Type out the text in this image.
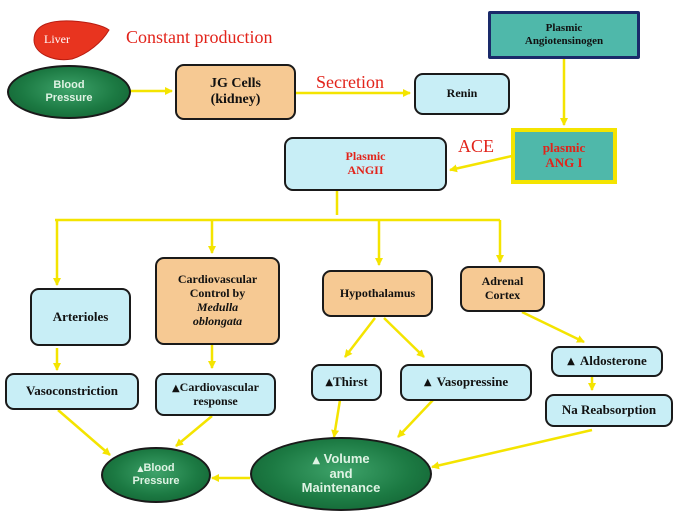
Liver	Constant production
Blood
Pressure
JG Cells
(kidney)
Secretion
Renin
Plasmic
Angiotensinogen
plasmic
ANG I
ACE
Plasmic
ANGII
Arterioles
Cardiovascular
Control by
Medulla
oblongata
Hypothalamus
Adrenal
Cortex
Vasoconstriction	▲Cardiovascular
response
▲ Thirst	▲ Vasopressine
▲ Aldosterone
Na Reabsorption
▲Blood
Pressure
▲ Volume
and
Maintenance
